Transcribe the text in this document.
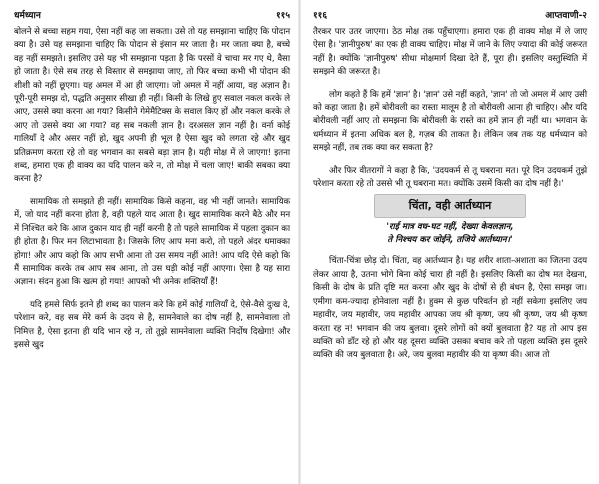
धर्मध्यान	११५

बोलने से बच्चा सहम गया, ऐसा नहीं कह जा सकता। उसे तो यह समझाना चाहिए कि पोदान क्या है। उसे यह समझाना चाहिए कि पोदान से इंसान मर जाता है। मर जाता क्या है, बच्चे वह नहीं समझते। इसलिए उसे यह भी समझाना पड़ता है कि परसों वे चाचा मर गए थे, वैसा हो जाता है। ऐसे सब तरह से विस्तार से समझाया जाए, तो फिर बच्चा कभी भी पोदान की शीशी को नहीं छूएगा। यह अमल में आ ही जाएगा। जो अमल में नहीं आया, वह अज्ञान है। पूरी-पूरी समझ दो, पद्धति अनुसार सीखा ही नहीं। किसी के लिखे हुए सवाल नकल करके ले आए, उससे क्या करना आ गया? किसीने गेमेमैटिक्स के सवाल किए हों और नकल करके ले आए तो उससे क्या आ गया? वह सब नकली ज्ञान है। दरअसल ज्ञान नहीं है। वर्ना कोई गालियाँ दे और असर नहीं हो, खुद अपनी ही भूल है ऐसा खुद को लगता रहे और खुद प्रतिक्रमण करता रहे तो वह भगवान का सबसे बड़ा ज्ञान है। यही मोक्ष में ले जाएगा! इतना शब्द, हमारा एक ही वाक्य का यदि पालन करे न, तो मोक्ष में चला जाए! बाकी सबका क्या करना है?

सामायिक तो समझते ही नहीं। सामायिक किसे कहना, वह भी नहीं जानते। सामायिक में, जो याद नहीं करना होता है, वही पहले याद आता है। खुद सामायिक करने बैठे और मन में निश्चित करे कि आज दुकान याद ही नहीं करनी है तो पहले सामायिक में पहला दुकान का ही होता है। फिर मन लिटाभावता है। जिसके लिए आप मना करो, तो पहले अंदर धमाक्का होगा! और आप कहो कि आप सभी आना तो उस समय नहीं आते! आप यदि ऐसे कहो कि मैं सामायिक करके तब आप सब आना, तो उस घड़ी कोई नहीं आएगा। ऐसा है यह सारा अज्ञान। संदन हुआ कि खत्म हो गया! आपको भी अनेक शक्तियाँ हैं!

यदि हमसे सिर्फ इतने ही शब्द का पालन करे कि हमें कोई गालियाँ दे, ऐसे-वैसे दुःख दे, परेशान करे, वह सब मेरे कर्म के उदय से है, सामनेवाले का दोष नहीं है, सामनेवाला तो निमित्त है, ऐसा इतना ही यदि भान रहे न, तो तुझे सामनेवाला व्यक्ति निर्दोष दिखेगा! और इससे खुद

११६	आप्तवाणी-२

तैरकर पार उतर जाएगा। ठेठ मोक्ष तक पहुँचाएगा। हमारा एक ही वाक्य मोक्ष में ले जाए ऐसा है। 'ज्ञानीपुरुष' का एक ही वाक्य चाहिए। मोक्ष में जाने के लिए ज्यादा की कोई जरूरत नहीं है। क्योंकि 'ज्ञानीपुरुष' सीधा मोक्षमार्ग दिखा देते हैं, पूरा ही। इसलिए वस्तुस्थिति में समझने की जरूरत है।

लोग कहते हैं कि हमें 'ज्ञान' है। 'ज्ञान' उसे नहीं कहते, 'ज्ञान' तो जो अमल में आए उसी को कहा जाता है। हमें बोरीवली का रास्ता मालूम है तो बोरीवली आना ही चाहिए। और यदि बोरीवली नहीं आए तो समझना कि बोरीवली के रास्ते का हमें ज्ञान ही नहीं था। भगवान के धर्मध्यान में इतना अधिक बल है, गज़ब की ताकत है। लेकिन जब तक यह धर्मध्यान को समझे नहीं, तब तक क्या कर सकता है?

और फिर वीतरागों ने कहा है कि, 'उदयकर्म से तू घबराना मत। पूरे दिन उदयकर्म तुझे परेशान करता रहे तो उससे भी तू घबराना मत। क्योंकि उसमें किसी का दोष नहीं है।'

चिंता, वही आर्तध्यान
'राई मात्र वध-घट नहीं, देख्या केवलज्ञान,
ते निश्चय कर जोईने, तजिये आर्तध्यान।'

चिंता-चिंत्रा छोड़ दो। चिंता, वह आर्तध्यान है। यह शरीर शाता-अशाता का जितना उदय लेकर आया है, उतना भोगे बिना कोई चारा ही नहीं है। इसलिए किसी का दोष मत देखना, किसी के दोष के प्रति दृष्टि मत करना और खुद के दोषों से ही बंधन है, ऐसा समझ जा। एमीगा कम-ज्यादा होनेवाला नहीं है। हुक्म से कुछ परिवर्तन हो नहीं सकेगा इसलिए जय महावीर, जय महावीर, जय महावीर आपका जय श्री कृष्ण, जय श्री कृष्ण, जय श्री कृष्ण करता रह न! भगवान की जय बुलवा। दूसरे लोगों को क्यों बुलवाता है? यह तो आप इस व्यक्ति को डाँट रहे हो और यह दूसरा व्यक्ति उसका बचाव करे तो पहला व्यक्ति इस दूसरे व्यक्ति की जय बुलवाता है। अरे, जय बुलवा महावीर की या कृष्ण की। आज तो
